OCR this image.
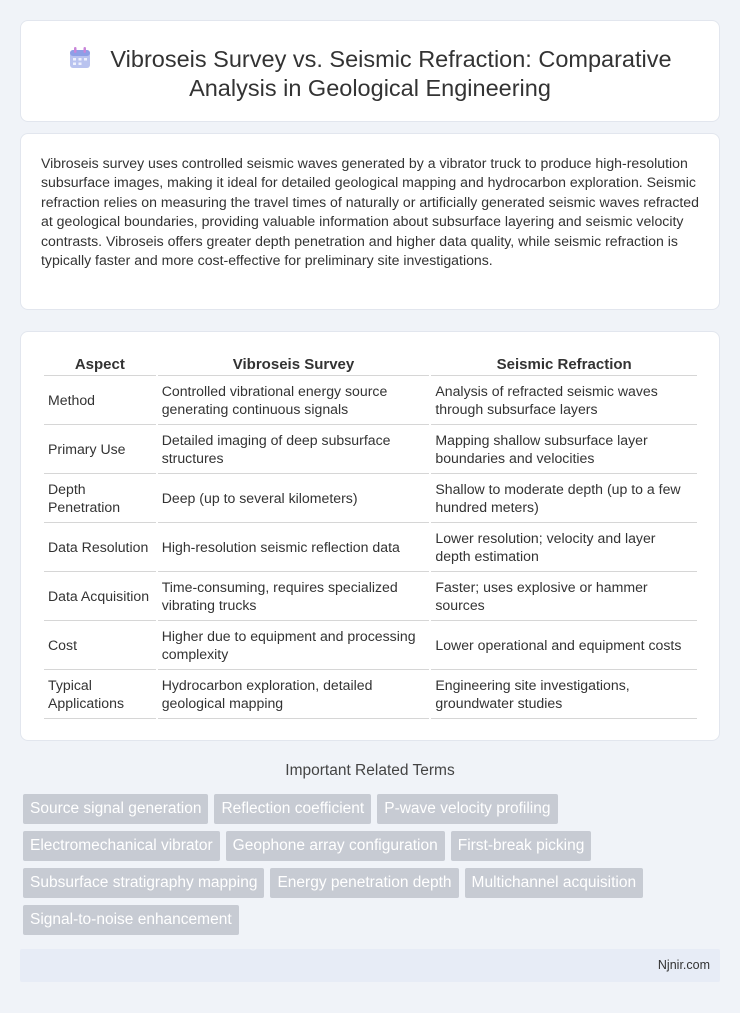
Vibroseis Survey vs. Seismic Refraction: Comparative Analysis in Geological Engineering

Vibroseis survey uses controlled seismic waves generated by a vibrator truck to produce high-resolution subsurface images, making it ideal for detailed geological mapping and hydrocarbon exploration. Seismic refraction relies on measuring the travel times of naturally or artificially generated seismic waves refracted at geological boundaries, providing valuable information about subsurface layering and seismic velocity contrasts. Vibroseis offers greater depth penetration and higher data quality, while seismic refraction is typically faster and more cost-effective for preliminary site investigations.

Aspect	Vibroseis Survey	Seismic Refraction
Method	Controlled vibrational energy source generating continuous signals	Analysis of refracted seismic waves through subsurface layers
Primary Use	Detailed imaging of deep subsurface structures	Mapping shallow subsurface layer boundaries and velocities
Depth Penetration	Deep (up to several kilometers)	Shallow to moderate depth (up to a few hundred meters)
Data Resolution	High-resolution seismic reflection data	Lower resolution; velocity and layer depth estimation
Data Acquisition	Time-consuming, requires specialized vibrating trucks	Faster; uses explosive or hammer sources
Cost	Higher due to equipment and processing complexity	Lower operational and equipment costs
Typical Applications	Hydrocarbon exploration, detailed geological mapping	Engineering site investigations, groundwater studies
Important Related Terms
Source signal generation	Reflection coefficient	P-wave velocity profiling
Electromechanical vibrator	Geophone array configuration	First-break picking
Subsurface stratigraphy mapping	Energy penetration depth	Multichannel acquisition
Signal-to-noise enhancement
Njnir.com
